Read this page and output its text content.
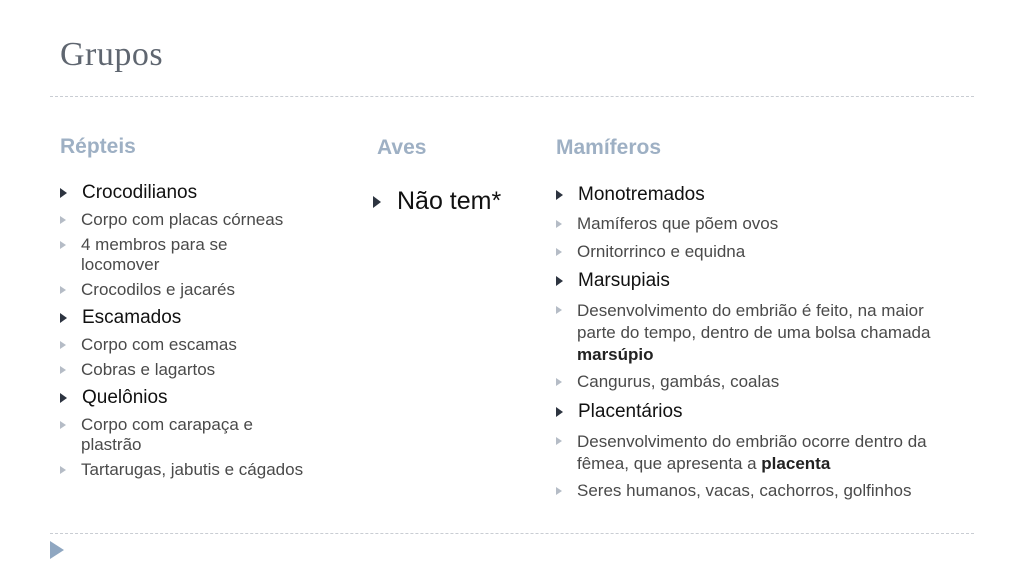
Grupos
Répteis
Crocodilianos
Corpo com placas córneas
4 membros para se locomover
Crocodilos e jacarés
Escamados
Corpo com escamas
Cobras e lagartos
Quelônios
Corpo com carapaça e plastrão
Tartarugas, jabutis e cágados
Aves
Não tem*
Mamíferos
Monotremados
Mamíferos que põem ovos
Ornitorrinco e equidna
Marsupiais
Desenvolvimento do embrião é feito, na maior parte do tempo, dentro de uma bolsa chamada marsúpio
Cangurus, gambás, coalas
Placentários
Desenvolvimento do embrião ocorre dentro da fêmea, que apresenta a placenta
Seres humanos, vacas, cachorros, golfinhos
